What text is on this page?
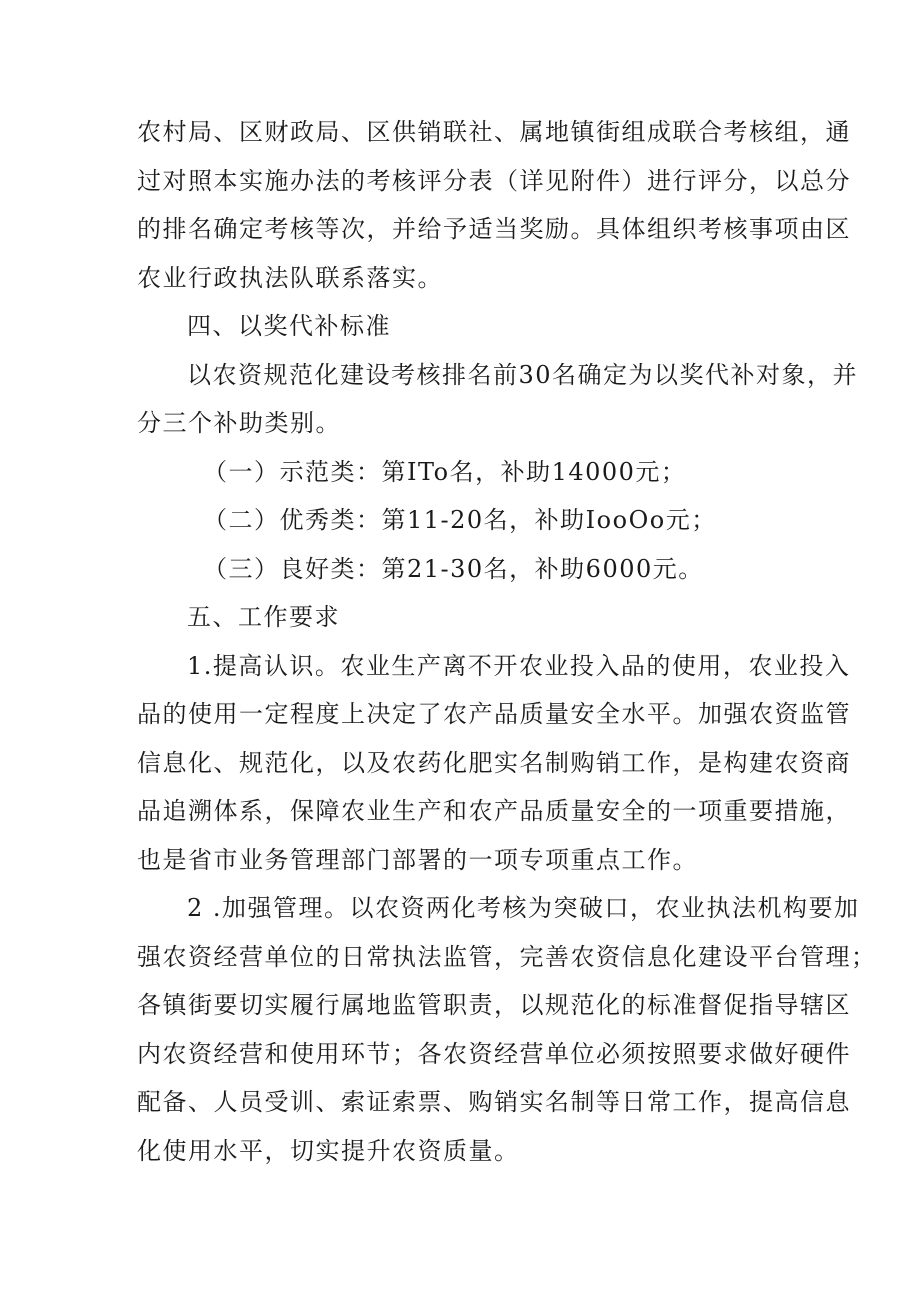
农村局、区财政局、区供销联社、属地镇街组成联合考核组，通
过对照本实施办法的考核评分表（详见附件）进行评分，以总分
的排名确定考核等次，并给予适当奖励。具体组织考核事项由区
农业行政执法队联系落实。
四、以奖代补标准
以农资规范化建设考核排名前30名确定为以奖代补对象，并
分三个补助类别。
（一）示范类：第ITo名，补助14000元；
（二）优秀类：第11-20名，补助IooOo元；
（三）良好类：第21-30名，补助6000元。
五、工作要求
1.提高认识。农业生产离不开农业投入品的使用，农业投入
品的使用一定程度上决定了农产品质量安全水平。加强农资监管
信息化、规范化，以及农药化肥实名制购销工作，是构建农资商
品追溯体系，保障农业生产和农产品质量安全的一项重要措施，
也是省市业务管理部门部署的一项专项重点工作。
2 .加强管理。以农资两化考核为突破口，农业执法机构要加
强农资经营单位的日常执法监管，完善农资信息化建设平台管理；
各镇街要切实履行属地监管职责，以规范化的标准督促指导辖区
内农资经营和使用环节；各农资经营单位必须按照要求做好硬件
配备、人员受训、索证索票、购销实名制等日常工作，提高信息
化使用水平，切实提升农资质量。
